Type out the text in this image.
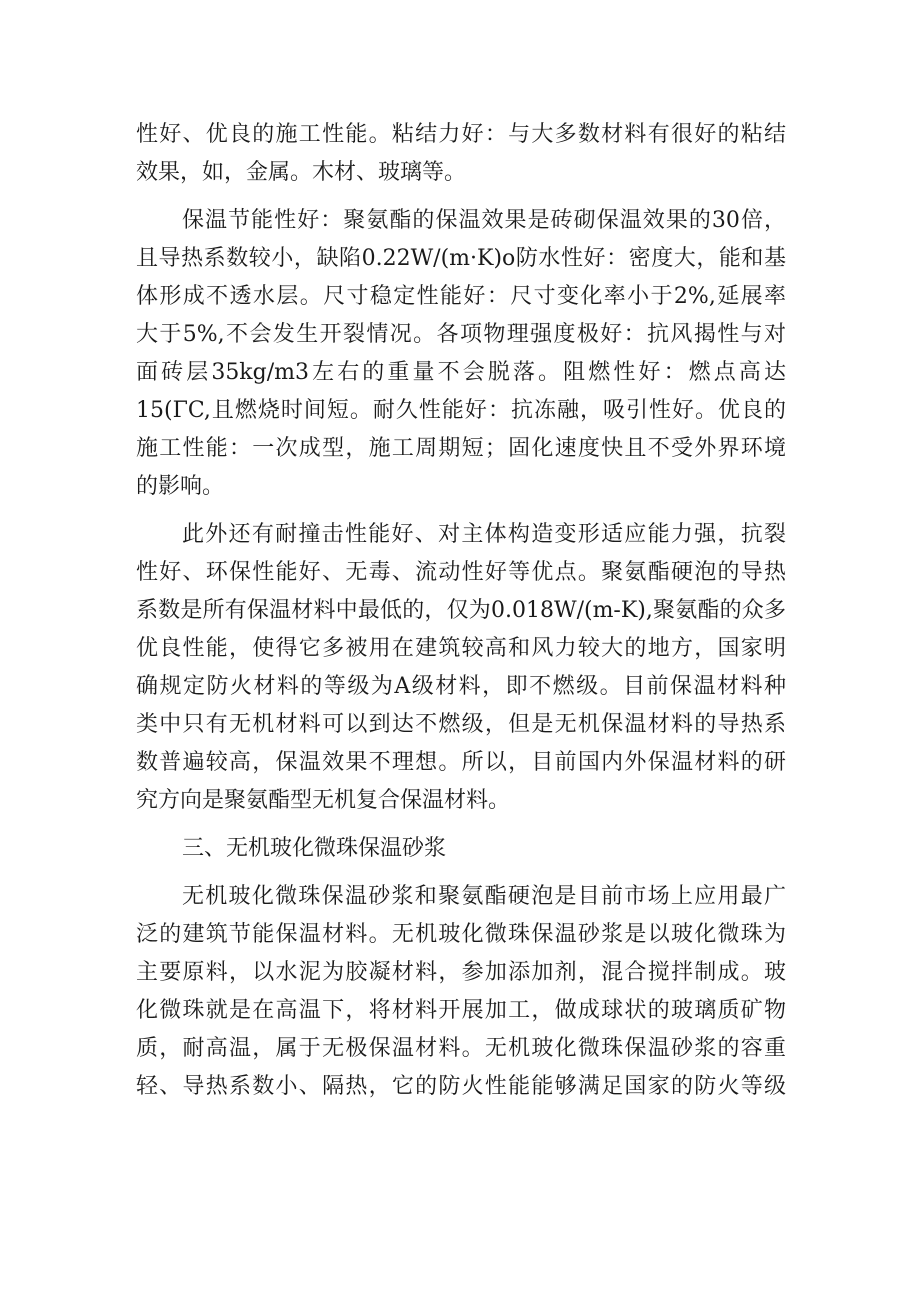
性好、优良的施工性能。粘结力好：与大多数材料有很好的粘结
效果，如，金属。木材、玻璃等。
保温节能性好：聚氨酯的保温效果是砖砌保温效果的30倍，
且导热系数较小，缺陷0.22W/(m·K)o防水性好：密度大，能和基
体形成不透水层。尺寸稳定性能好：尺寸变化率小于2%,延展率
大于5%,不会发生开裂情况。各项物理强度极好：抗风揭性与对
面砖层35kg/m3左右的重量不会脱落。阻燃性好：燃点高达
15(ΓC,且燃烧时间短。耐久性能好：抗冻融，吸引性好。优良的
施工性能：一次成型，施工周期短；固化速度快且不受外界环境
的影响。
此外还有耐撞击性能好、对主体构造变形适应能力强，抗裂
性好、环保性能好、无毒、流动性好等优点。聚氨酯硬泡的导热
系数是所有保温材料中最低的，仅为0.018W/(m-K),聚氨酯的众多
优良性能，使得它多被用在建筑较高和风力较大的地方，国家明
确规定防火材料的等级为A级材料，即不燃级。目前保温材料种
类中只有无机材料可以到达不燃级，但是无机保温材料的导热系
数普遍较高，保温效果不理想。所以，目前国内外保温材料的研
究方向是聚氨酯型无机复合保温材料。
三、无机玻化微珠保温砂浆
无机玻化微珠保温砂浆和聚氨酯硬泡是目前市场上应用最广
泛的建筑节能保温材料。无机玻化微珠保温砂浆是以玻化微珠为
主要原料，以水泥为胶凝材料，参加添加剂，混合搅拌制成。玻
化微珠就是在高温下，将材料开展加工，做成球状的玻璃质矿物
质，耐高温，属于无极保温材料。无机玻化微珠保温砂浆的容重
轻、导热系数小、隔热，它的防火性能能够满足国家的防火等级
